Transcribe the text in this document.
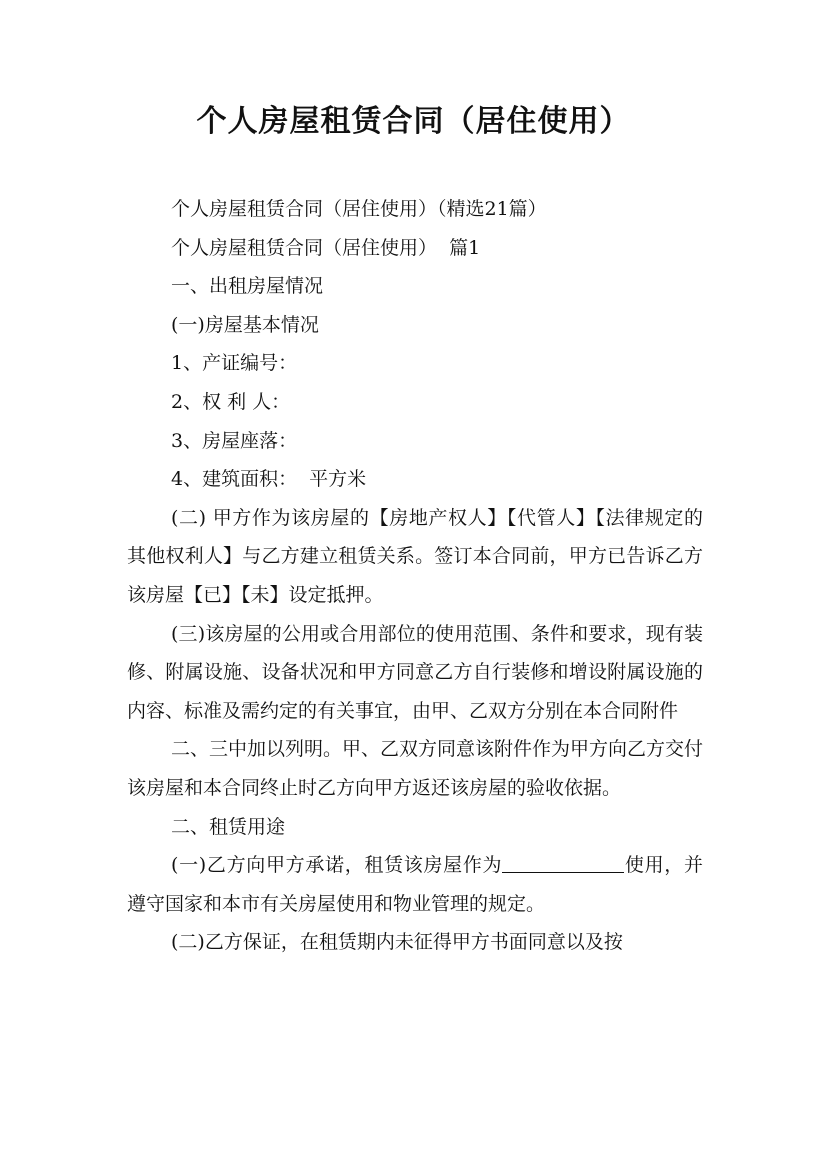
个人房屋租赁合同（居住使用）

个人房屋租赁合同（居住使用）（精选21篇）

个人房屋租赁合同（居住使用）  篇1

一、出租房屋情况

(一)房屋基本情况

1、产证编号：

2、权 利 人：

3、房屋座落：

4、建筑面积：  平方米

(二) 甲方作为该房屋的【房地产权人】【代管人】【法律规定的其他权利人】与乙方建立租赁关系。签订本合同前，甲方已告诉乙方该房屋【已】【未】设定抵押。

(三)该房屋的公用或合用部位的使用范围、条件和要求，现有装修、附属设施、设备状况和甲方同意乙方自行装修和增设附属设施的内容、标准及需约定的有关事宜，由甲、乙双方分别在本合同附件

二、三中加以列明。甲、乙双方同意该附件作为甲方向乙方交付该房屋和本合同终止时乙方向甲方返还该房屋的验收依据。

二、租赁用途

(一)乙方向甲方承诺，租赁该房屋作为	使用，并遵守国家和本市有关房屋使用和物业管理的规定。

(二)乙方保证，在租赁期内未征得甲方书面同意以及按
